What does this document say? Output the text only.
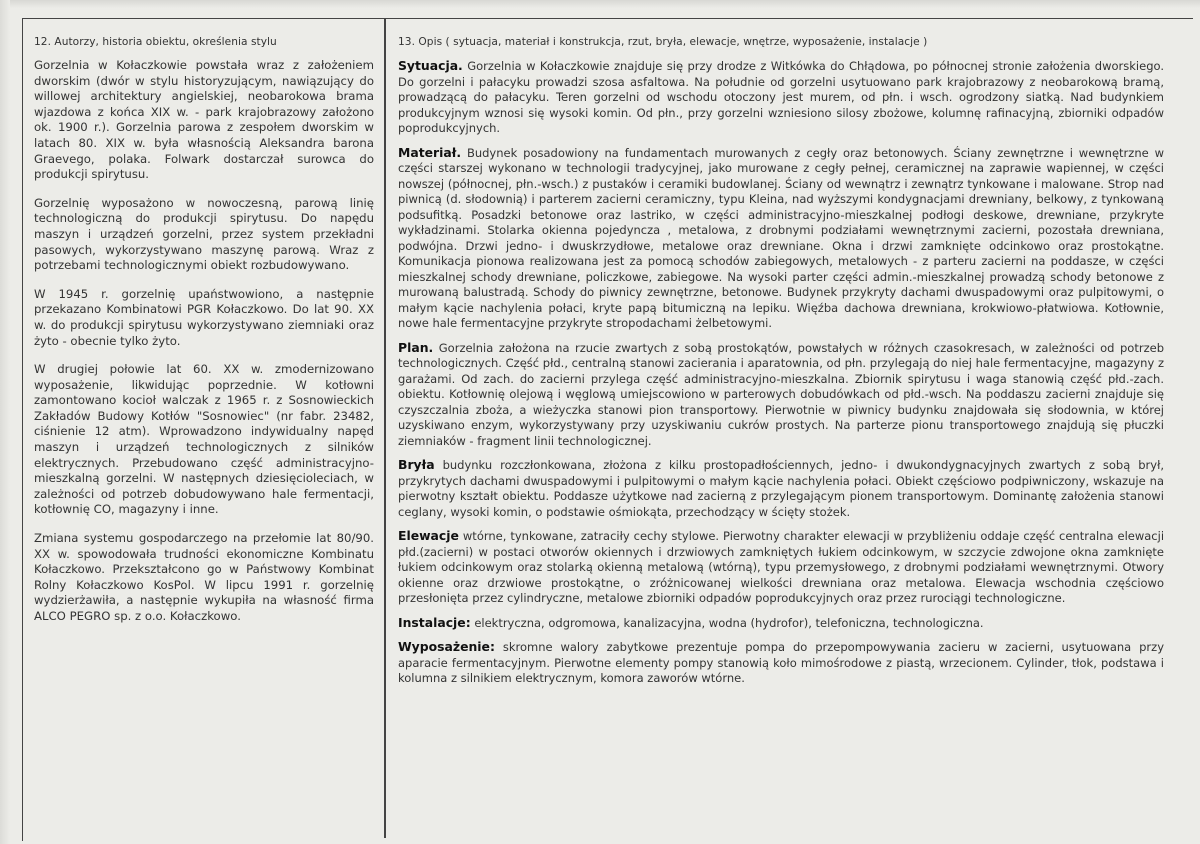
12. Autorzy, historia obiektu, określenia stylu

Gorzelnia w Kołaczkowie powstała wraz z założeniem dworskim (dwór w stylu historyzującym, nawiązujący do willowej architektury angielskiej, neobarokowa brama wjazdowa z końca XIX w. - park krajobrazowy założono ok. 1900 r.). Gorzelnia parowa z zespołem dworskim w latach 80. XIX w. była własnością Aleksandra barona Graevego, polaka. Folwark dostarczał surowca do produkcji spirytusu.

Gorzelnię wyposażono w nowoczesną, parową linię technologiczną do produkcji spirytusu. Do napędu maszyn i urządzeń gorzelni, przez system przekładni pasowych, wykorzystywano maszynę parową. Wraz z potrzebami technologicznymi obiekt rozbudowywano.

W 1945 r. gorzelnię upaństwowiono, a następnie przekazano Kombinatowi PGR Kołaczkowo. Do lat 90. XX w. do produkcji spirytusu wykorzystywano ziemniaki oraz żyto - obecnie tylko żyto.

W drugiej połowie lat 60. XX w. zmodernizowano wyposażenie, likwidując poprzednie. W kotłowni zamontowano kocioł walczak z 1965 r. z Sosnowieckich Zakładów Budowy Kotłów "Sosnowiec" (nr fabr. 23482, ciśnienie 12 atm). Wprowadzono indywidualny napęd maszyn i urządzeń technologicznych z silników elektrycznych. Przebudowano część administracyjno-mieszkalną gorzelni. W następnych dziesięcioleciach, w zależności od potrzeb dobudowywano hale fermentacji, kotłownię CO, magazyny i inne.

Zmiana systemu gospodarczego na przełomie lat 80/90. XX w. spowodowała trudności ekonomiczne Kombinatu Kołaczkowo. Przekształcono go w Państwowy Kombinat Rolny Kołaczkowo KosPol. W lipcu 1991 r. gorzelnię wydzierżawiła, a następnie wykupiła na własność firma ALCO PEGRO sp. z o.o. Kołaczkowo.

13. Opis ( sytuacja, materiał i konstrukcja, rzut, bryła, elewacje, wnętrze, wyposażenie, instalacje )

Sytuacja. Gorzelnia w Kołaczkowie znajduje się przy drodze z Witkówka do Chłądowa, po północnej stronie założenia dworskiego. Do gorzelni i pałacyku prowadzi szosa asfaltowa. Na południe od gorzelni usytuowano park krajobrazowy z neobarokową bramą, prowadzącą do pałacyku. Teren gorzelni od wschodu otoczony jest murem, od płn. i wsch. ogrodzony siatką. Nad budynkiem produkcyjnym wznosi się wysoki komin. Od płn., przy gorzelni wzniesiono silosy zbożowe, kolumnę rafinacyjną, zbiorniki odpadów poprodukcyjnych.

Materiał. Budynek posadowiony na fundamentach murowanych z cegły oraz betonowych. Ściany zewnętrzne i wewnętrzne w części starszej wykonano w technologii tradycyjnej, jako murowane z cegły pełnej, ceramicznej na zaprawie wapiennej, w części nowszej (północnej, płn.-wsch.) z pustaków i ceramiki budowlanej. Ściany od wewnątrz i zewnątrz tynkowane i malowane. Strop nad piwnicą (d. słodownią) i parterem zacierni ceramiczny, typu Kleina, nad wyższymi kondygnacjami drewniany, belkowy, z tynkowaną podsufitką. Posadzki betonowe oraz lastriko, w części administracyjno-mieszkalnej podłogi deskowe, drewniane, przykryte wykładzinami. Stolarka okienna pojedyncza , metalowa, z drobnymi podziałami wewnętrznymi zacierni, pozostała drewniana, podwójna. Drzwi jedno- i dwuskrzydłowe, metalowe oraz drewniane. Okna i drzwi zamknięte odcinkowo oraz prostokątne. Komunikacja pionowa realizowana jest za pomocą schodów zabiegowych, metalowych - z parteru zacierni na poddasze, w części mieszkalnej schody drewniane, policzkowe, zabiegowe. Na wysoki parter części admin.-mieszkalnej prowadzą schody betonowe z murowaną balustradą. Schody do piwnicy zewnętrzne, betonowe. Budynek przykryty dachami dwuspadowymi oraz pulpitowymi, o małym kącie nachylenia połaci, kryte papą bitumiczną na lepiku. Więźba dachowa drewniana, krokwiowo-płatwiowa. Kotłownie, nowe hale fermentacyjne przykryte stropodachami żelbetowymi.

Plan. Gorzelnia założona na rzucie zwartych z sobą prostokątów, powstałych w różnych czasokresach, w zależności od potrzeb technologicznych. Część płd., centralną stanowi zacierania i aparatownia, od płn. przylegają do niej hale fermentacyjne, magazyny z garażami. Od zach. do zacierni przylega część administracyjno-mieszkalna. Zbiornik spirytusu i waga stanowią część płd.-zach. obiektu. Kotłownię olejową i węglową umiejscowiono w parterowych dobudówkach od płd.-wsch. Na poddaszu zacierni znajduje się czyszczalnia zboża, a wieżyczka stanowi pion transportowy. Pierwotnie w piwnicy budynku znajdowała się słodownia, w której uzyskiwano enzym, wykorzystywany przy uzyskiwaniu cukrów prostych. Na parterze pionu transportowego znajdują się płuczki ziemniaków - fragment linii technologicznej.

Bryła budynku rozczłonkowana, złożona z kilku prostopadłościennych, jedno- i dwukondygnacyjnych zwartych z sobą brył, przykrytych dachami dwuspadowymi i pulpitowymi o małym kącie nachylenia połaci. Obiekt częściowo podpiwniczony, wskazuje na pierwotny kształt obiektu. Poddasze użytkowe nad zacierną z przylegającym pionem transportowym. Dominantę założenia stanowi ceglany, wysoki komin, o podstawie ośmiokąta, przechodzący w ścięty stożek.

Elewacje wtórne, tynkowane, zatraciły cechy stylowe. Pierwotny charakter elewacji w przybliżeniu oddaje część centralna elewacji płd.(zacierni) w postaci otworów okiennych i drzwiowych zamkniętych łukiem odcinkowym, w szczycie zdwojone okna zamknięte łukiem odcinkowym oraz stolarką okienną metalową (wtórną), typu przemysłowego, z drobnymi podziałami wewnętrznymi. Otwory okienne oraz drzwiowe prostokątne, o zróżnicowanej wielkości drewniana oraz metalowa. Elewacja wschodnia częściowo przesłonięta przez cylindryczne, metalowe zbiorniki odpadów poprodukcyjnych oraz przez rurociągi technologiczne.

Instalacje: elektryczna, odgromowa, kanalizacyjna, wodna (hydrofor), telefoniczna, technologiczna.

Wyposażenie: skromne walory zabytkowe prezentuje pompa do przepompowywania zacieru w zacierni, usytuowana przy aparacie fermentacyjnym. Pierwotne elementy pompy stanowią koło mimośrodowe z piastą, wrzecionem. Cylinder, tłok, podstawa i kolumna z silnikiem elektrycznym, komora zaworów wtórne.
